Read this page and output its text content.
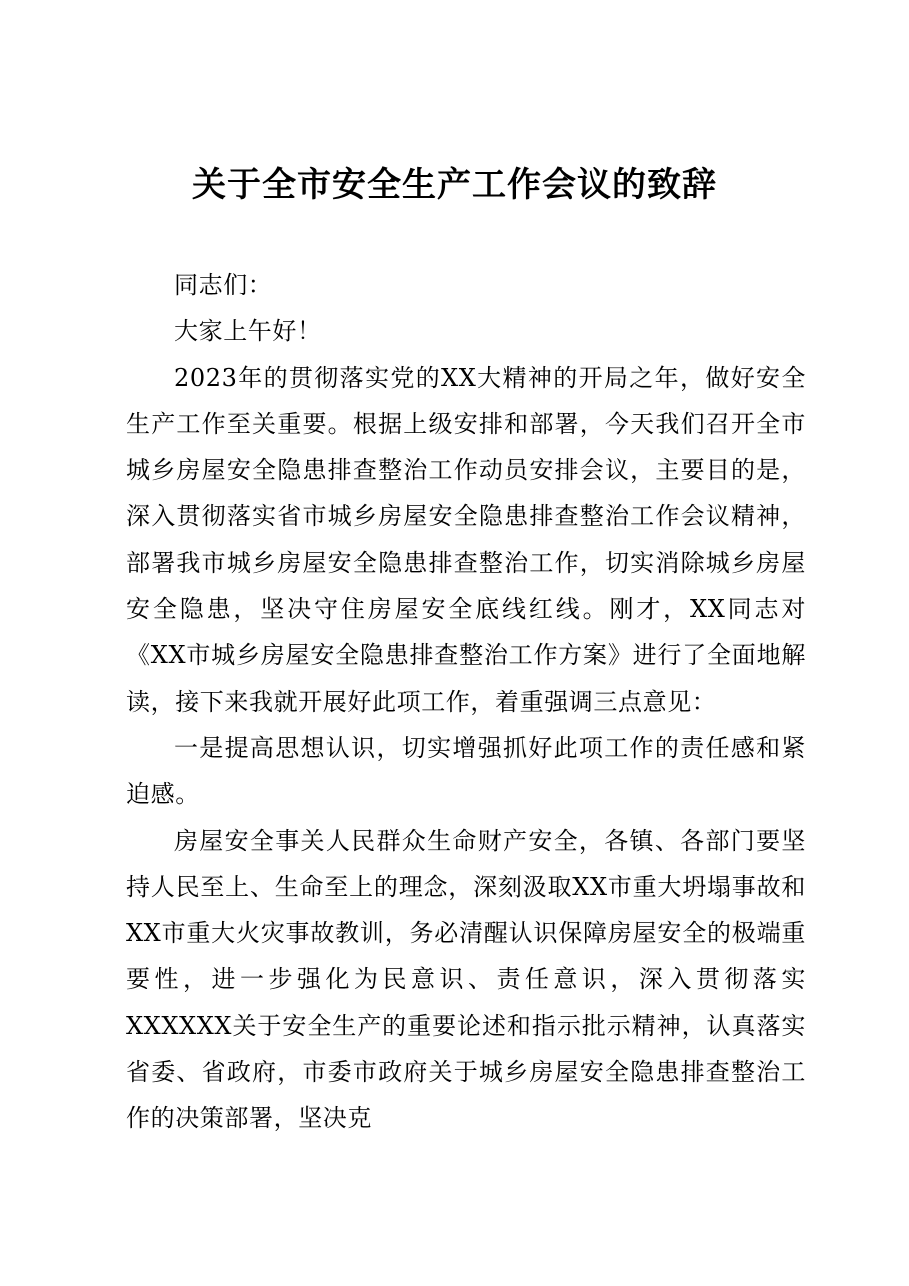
关于全市安全生产工作会议的致辞

同志们：

大家上午好！

2023年的贯彻落实党的XX大精神的开局之年，做好安全生产工作至关重要。根据上级安排和部署，今天我们召开全市城乡房屋安全隐患排查整治工作动员安排会议，主要目的是，深入贯彻落实省市城乡房屋安全隐患排查整治工作会议精神，部署我市城乡房屋安全隐患排查整治工作，切实消除城乡房屋安全隐患，坚决守住房屋安全底线红线。刚才，XX同志对《XX市城乡房屋安全隐患排查整治工作方案》进行了全面地解读，接下来我就开展好此项工作，着重强调三点意见：

一是提高思想认识，切实增强抓好此项工作的责任感和紧迫感。

房屋安全事关人民群众生命财产安全，各镇、各部门要坚持人民至上、生命至上的理念，深刻汲取XX市重大坍塌事故和XX市重大火灾事故教训，务必清醒认识保障房屋安全的极端重要性，进一步强化为民意识、责任意识，深入贯彻落实XXXXXX关于安全生产的重要论述和指示批示精神，认真落实省委、省政府，市委市政府关于城乡房屋安全隐患排查整治工作的决策部署，坚决克
